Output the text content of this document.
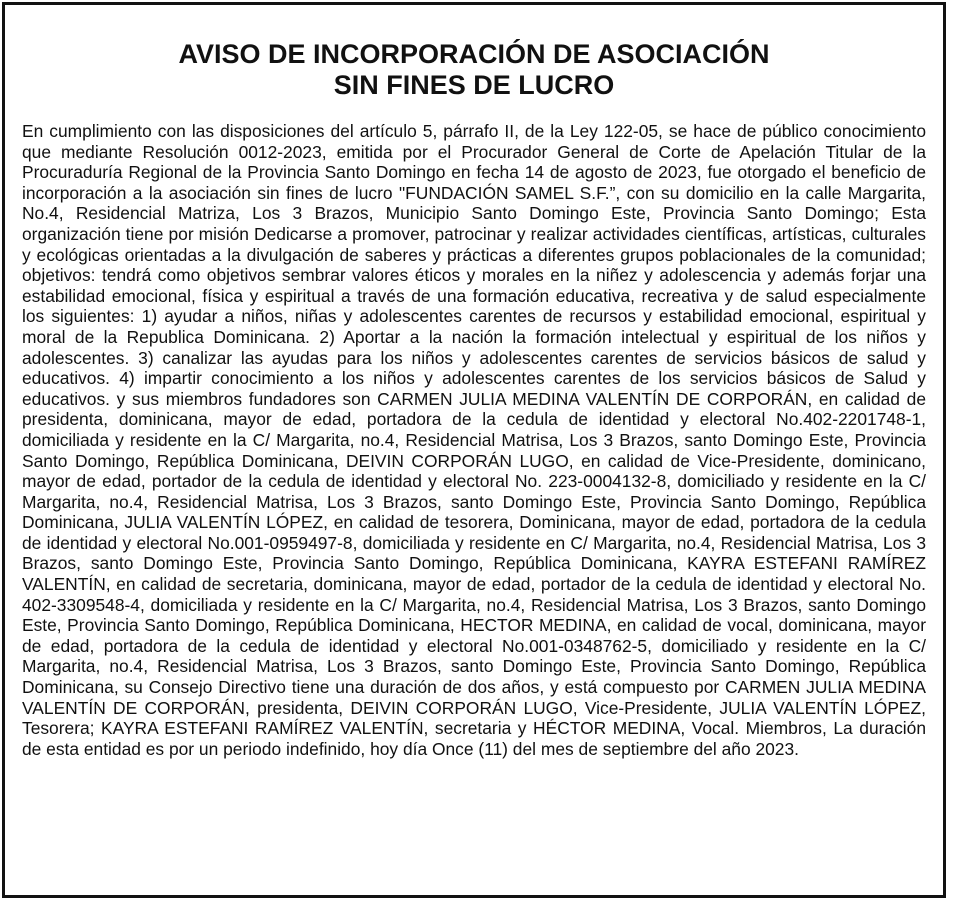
AVISO DE INCORPORACIÓN DE ASOCIACIÓN
SIN FINES DE LUCRO

En cumplimiento con las disposiciones del artículo 5, párrafo II, de la Ley 122-05, se hace de público conocimiento que mediante Resolución 0012-2023, emitida por el Procurador General de Corte de Apelación Titular de la Procuraduría Regional de la Provincia Santo Domingo en fecha 14 de agosto de 2023, fue otorgado el beneficio de incorporación a la asociación sin fines de lucro "FUNDACIÓN SAMEL S.F.”, con su domicilio en la calle Margarita, No.4, Residencial Matriza, Los 3 Brazos, Municipio Santo Domingo Este, Provincia Santo Domingo; Esta organización tiene por misión Dedicarse a promover, patrocinar y realizar actividades científicas, artísticas, culturales y ecológicas orientadas a la divulgación de saberes y prácticas a diferentes grupos poblacionales de la comunidad; objetivos: tendrá como objetivos sembrar valores éticos y morales en la niñez y adolescencia y además forjar una estabilidad emocional, física y espiritual a través de una formación educativa, recreativa y de salud especialmente los siguientes: 1) ayudar a niños, niñas y adolescentes carentes de recursos y estabilidad emocional, espiritual y moral de la Republica Dominicana. 2) Aportar a la nación la formación intelectual y espiritual de los niños y adolescentes. 3) canalizar las ayudas para los niños y adolescentes carentes de servicios básicos de salud y educativos. 4) impartir conocimiento a los niños y adolescentes carentes de los servicios básicos de Salud y educativos. y sus miembros fundadores son CARMEN JULIA MEDINA VALENTÍN DE CORPORÁN, en calidad de presidenta, dominicana, mayor de edad, portadora de la cedula de identidad y electoral No.402-2201748-1, domiciliada y residente en la C/ Margarita, no.4, Residencial Matrisa, Los 3 Brazos, santo Domingo Este, Provincia Santo Domingo, República Dominicana, DEIVIN CORPORÁN LUGO, en calidad de Vice-Presidente, dominicano, mayor de edad, portador de la cedula de identidad y electoral No. 223-0004132-8, domiciliado y residente en la C/ Margarita, no.4, Residencial Matrisa, Los 3 Brazos, santo Domingo Este, Provincia Santo Domingo, República Dominicana, JULIA VALENTÍN LÓPEZ, en calidad de tesorera, Dominicana, mayor de edad, portadora de la cedula de identidad y electoral No.001-0959497-8, domiciliada y residente en C/ Margarita, no.4, Residencial Matrisa, Los 3 Brazos, santo Domingo Este, Provincia Santo Domingo, República Dominicana, KAYRA ESTEFANI RAMÍREZ VALENTÍN, en calidad de secretaria, dominicana, mayor de edad, portador de la cedula de identidad y electoral No. 402-3309548-4, domiciliada y residente en la C/ Margarita, no.4, Residencial Matrisa, Los 3 Brazos, santo Domingo Este, Provincia Santo Domingo, República Dominicana, HECTOR MEDINA, en calidad de vocal, dominicana, mayor de edad, portadora de la cedula de identidad y electoral No.001-0348762-5, domiciliado y residente en la C/ Margarita, no.4, Residencial Matrisa, Los 3 Brazos, santo Domingo Este, Provincia Santo Domingo, República Dominicana, su Consejo Directivo tiene una duración de dos años, y está compuesto por CARMEN JULIA MEDINA VALENTÍN DE CORPORÁN, presidenta, DEIVIN CORPORÁN LUGO, Vice-Presidente, JULIA VALENTÍN LÓPEZ, Tesorera; KAYRA ESTEFANI RAMÍREZ VALENTÍN, secretaria y HÉCTOR MEDINA, Vocal. Miembros, La duración de esta entidad es por un periodo indefinido, hoy día Once (11) del mes de septiembre del año 2023.
